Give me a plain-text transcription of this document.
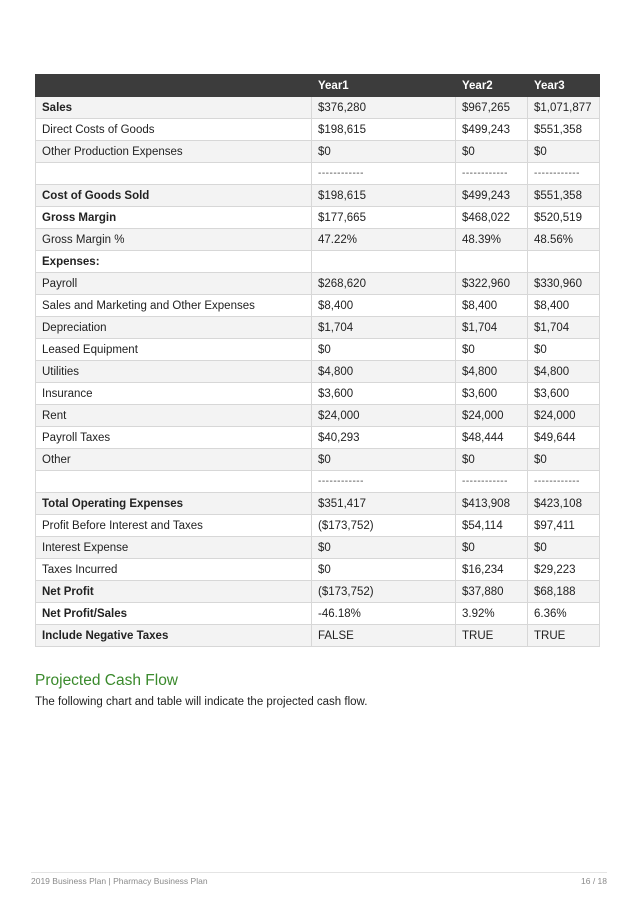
	Year1	Year2	Year3
Sales	$376,280	$967,265	$1,071,877
Direct Costs of Goods	$198,615	$499,243	$551,358
Other Production Expenses	$0	$0	$0
	------------	------------	------------
Cost of Goods Sold	$198,615	$499,243	$551,358
Gross Margin	$177,665	$468,022	$520,519
Gross Margin %	47.22%	48.39%	48.56%
Expenses:			
Payroll	$268,620	$322,960	$330,960
Sales and Marketing and Other Expenses	$8,400	$8,400	$8,400
Depreciation	$1,704	$1,704	$1,704
Leased Equipment	$0	$0	$0
Utilities	$4,800	$4,800	$4,800
Insurance	$3,600	$3,600	$3,600
Rent	$24,000	$24,000	$24,000
Payroll Taxes	$40,293	$48,444	$49,644
Other	$0	$0	$0
	------------	------------	------------
Total Operating Expenses	$351,417	$413,908	$423,108
Profit Before Interest and Taxes	($173,752)	$54,114	$97,411
Interest Expense	$0	$0	$0
Taxes Incurred	$0	$16,234	$29,223
Net Profit	($173,752)	$37,880	$68,188
Net Profit/Sales	-46.18%	3.92%	6.36%
Include Negative Taxes	FALSE	TRUE	TRUE
Projected Cash Flow

The following chart and table will indicate the projected cash flow.

2019 Business Plan | Pharmacy Business Plan	16 / 18
